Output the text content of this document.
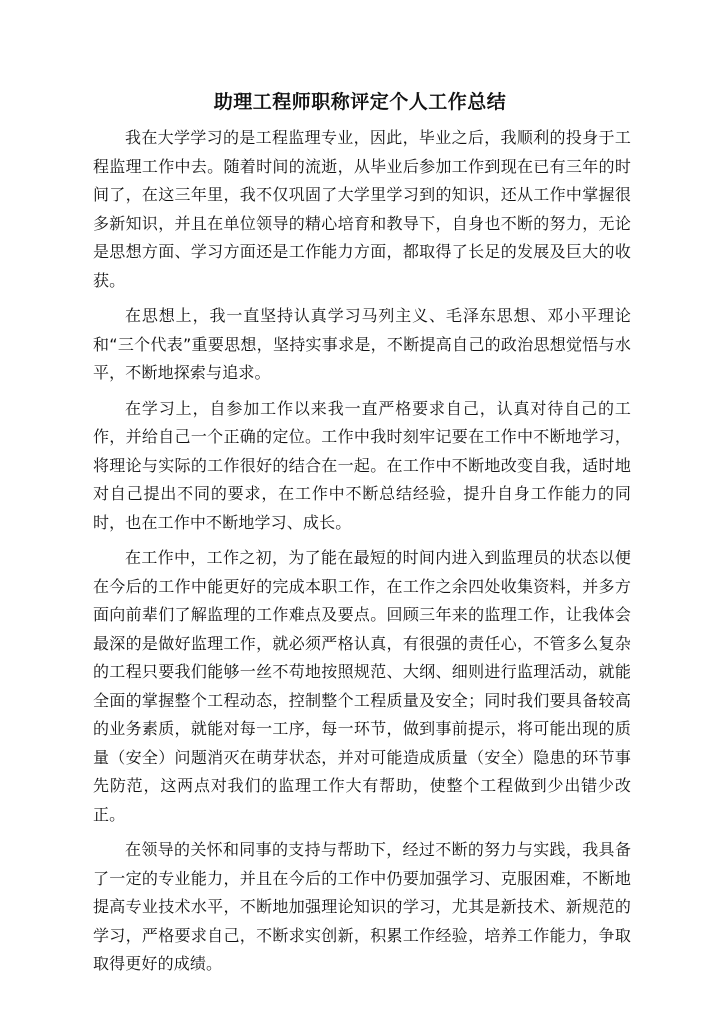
助理工程师职称评定个人工作总结

我在大学学习的是工程监理专业，因此，毕业之后，我顺利的投身于工程监理工作中去。随着时间的流逝，从毕业后参加工作到现在已有三年的时间了，在这三年里，我不仅巩固了大学里学习到的知识，还从工作中掌握很多新知识，并且在单位领导的精心培育和教导下，自身也不断的努力，无论是思想方面、学习方面还是工作能力方面，都取得了长足的发展及巨大的收获。

在思想上，我一直坚持认真学习马列主义、毛泽东思想、邓小平理论和“三个代表”重要思想，坚持实事求是，不断提高自己的政治思想觉悟与水平，不断地探索与追求。

在学习上，自参加工作以来我一直严格要求自己，认真对待自己的工作，并给自己一个正确的定位。工作中我时刻牢记要在工作中不断地学习，将理论与实际的工作很好的结合在一起。在工作中不断地改变自我，适时地对自己提出不同的要求，在工作中不断总结经验，提升自身工作能力的同时，也在工作中不断地学习、成长。

在工作中，工作之初，为了能在最短的时间内进入到监理员的状态以便在今后的工作中能更好的完成本职工作，在工作之余四处收集资料，并多方面向前辈们了解监理的工作难点及要点。回顾三年来的监理工作，让我体会最深的是做好监理工作，就必须严格认真，有很强的责任心，不管多么复杂的工程只要我们能够一丝不苟地按照规范、大纲、细则进行监理活动，就能全面的掌握整个工程动态，控制整个工程质量及安全；同时我们要具备较高的业务素质，就能对每一工序，每一环节，做到事前提示，将可能出现的质量（安全）问题消灭在萌芽状态，并对可能造成质量（安全）隐患的环节事先防范，这两点对我们的监理工作大有帮助，使整个工程做到少出错少改正。

在领导的关怀和同事的支持与帮助下，经过不断的努力与实践，我具备了一定的专业能力，并且在今后的工作中仍要加强学习、克服困难，不断地提高专业技术水平，不断地加强理论知识的学习，尤其是新技术、新规范的学习，严格要求自己，不断求实创新，积累工作经验，培养工作能力，争取取得更好的成绩。
